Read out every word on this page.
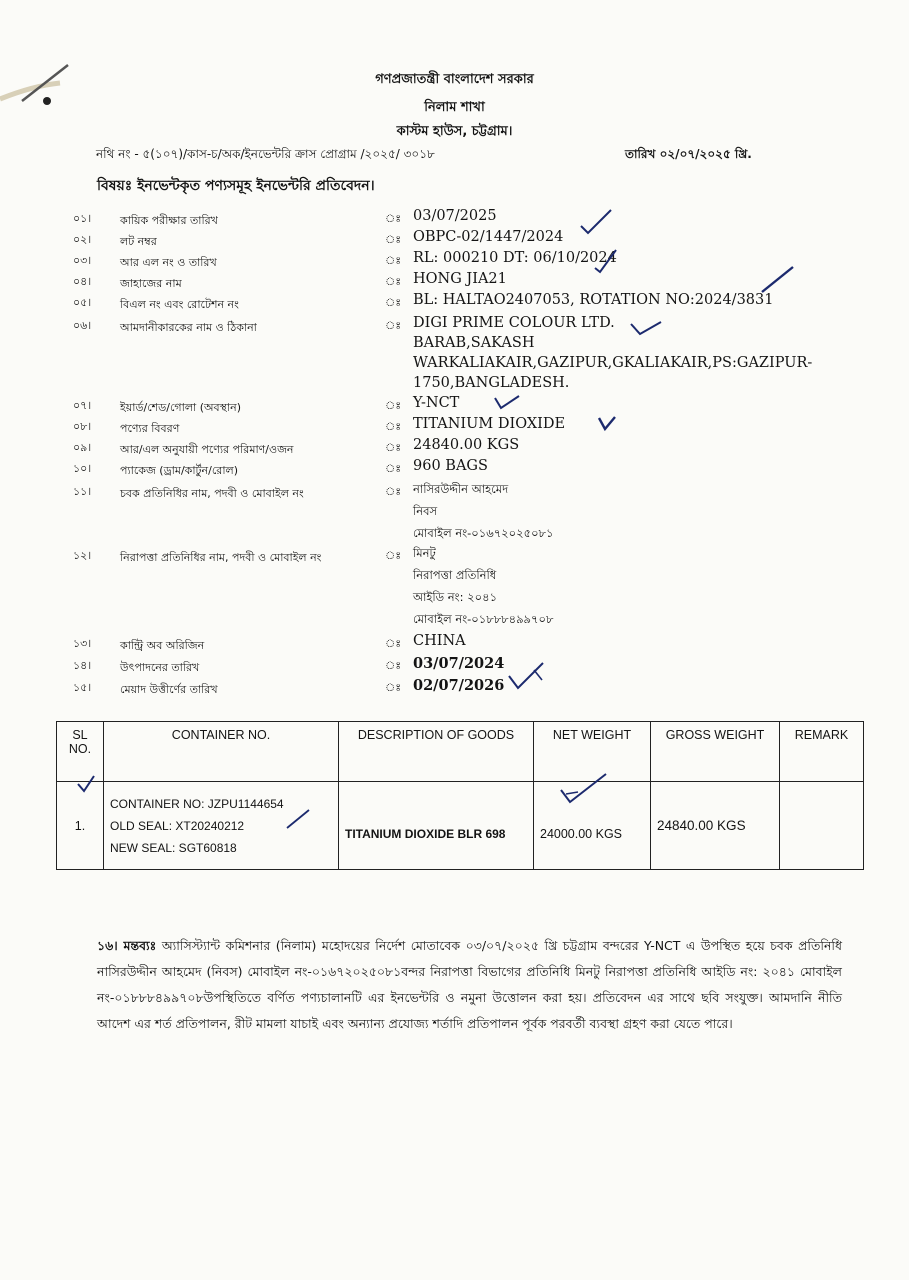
গণপ্রজাতন্ত্রী বাংলাদেশ সরকার
নিলাম শাখা
কাস্টম হাউস, চট্টগ্রাম।
নথি নং - ৫(১০৭)/কাস-চ/অক/ইনভেন্টরি ক্রাস প্রোগ্রাম /২০২৫/ ৩০১৮	তারিখ ০২/০৭/২০২৫ খ্রি.
বিষয়ঃ ইনভেন্টকৃত পণ্যসমূহ ইনভেন্টরি প্রতিবেদন।
০১।	কায়িক পরীক্ষার তারিখ	ঃ 03/07/2025
০২।	লট নম্বর	ঃ OBPC-02/1447/2024
০৩।	আর এল নং ও তারিখ	ঃ RL: 000210 DT: 06/10/2024
০৪।	জাহাজের নাম	ঃ HONG JIA21
০৫।	বিএল নং এবং রোটেশন নং	ঃ BL: HALTAO2407053, ROTATION NO:2024/3831
০৬।	আমদানীকারকের নাম ও ঠিকানা	ঃ DIGI PRIME COLOUR LTD.
BARAB,SAKASH
WARKALIAKAIR,GAZIPUR,GKALIAKAIR,PS:GAZIPUR-
1750,BANGLADESH.
০৭।	ইয়ার্ড/শেড/গোলা (অবস্থান)	ঃ Y-NCT
০৮।	পণ্যের বিবরণ	ঃ TITANIUM DIOXIDE
০৯।	আর/এল অনুযায়ী পণ্যের পরিমাণ/ওজন	ঃ 24840.00 KGS
১০।	প্যাকেজ (ড্রাম/কার্টুন/রোল)	ঃ 960 BAGS
১১।	চবক প্রতিনিধির নাম, পদবী ও মোবাইল নং	ঃ নাসিরউদ্দীন আহমেদ
নিবস
মোবাইল নং-০১৬৭২০২৫০৮১
১২।	নিরাপত্তা প্রতিনিধির নাম, পদবী ও মোবাইল নং	ঃ মিনটু
নিরাপত্তা প্রতিনিধি
আইডি নং: ২০৪১
মোবাইল নং-০১৮৮৮৪৯৯৭০৮
১৩।	কান্ট্রি অব অরিজিন	ঃ CHINA
১৪।	উৎপাদনের তারিখ	ঃ 03/07/2024
১৫।	মেয়াদ উত্তীর্ণের তারিখ	ঃ 02/07/2026
SL NO.	CONTAINER NO.	DESCRIPTION OF GOODS	NET WEIGHT	GROSS WEIGHT	REMARK
1.	CONTAINER NO: JZPU1144654
OLD SEAL: XT20240212
NEW SEAL: SGT60818	TITANIUM DIOXIDE BLR 698	24000.00 KGS	24840.00 KGS	
১৬। মন্তব্যঃ অ্যাসিস্ট্যান্ট কমিশনার (নিলাম) মহোদয়ের নির্দেশ মোতাবেক ০৩/০৭/২০২৫ খ্রি চট্টগ্রাম বন্দরের Y-NCT এ উপস্থিত হয়ে চবক প্রতিনিধি নাসিরউদ্দীন আহমেদ (নিবস) মোবাইল নং-০১৬৭২০২৫০৮১বন্দর নিরাপত্তা বিভাগের প্রতিনিধি মিনটু নিরাপত্তা প্রতিনিধি আইডি নং: ২০৪১ মোবাইল নং-০১৮৮৮৪৯৯৭০৮উপস্থিতিতে বর্ণিত পণ্যচালানটি এর ইনভেন্টরি ও নমুনা উত্তোলন করা হয়। প্রতিবেদন এর সাথে ছবি সংযুক্ত। আমদানি নীতি আদেশ এর শর্ত প্রতিপালন, রীট মামলা যাচাই এবং অন্যান্য প্রযোজ্য শর্তাদি প্রতিপালন পূর্বক পরবর্তী ব্যবস্থা গ্রহণ করা যেতে পারে।
